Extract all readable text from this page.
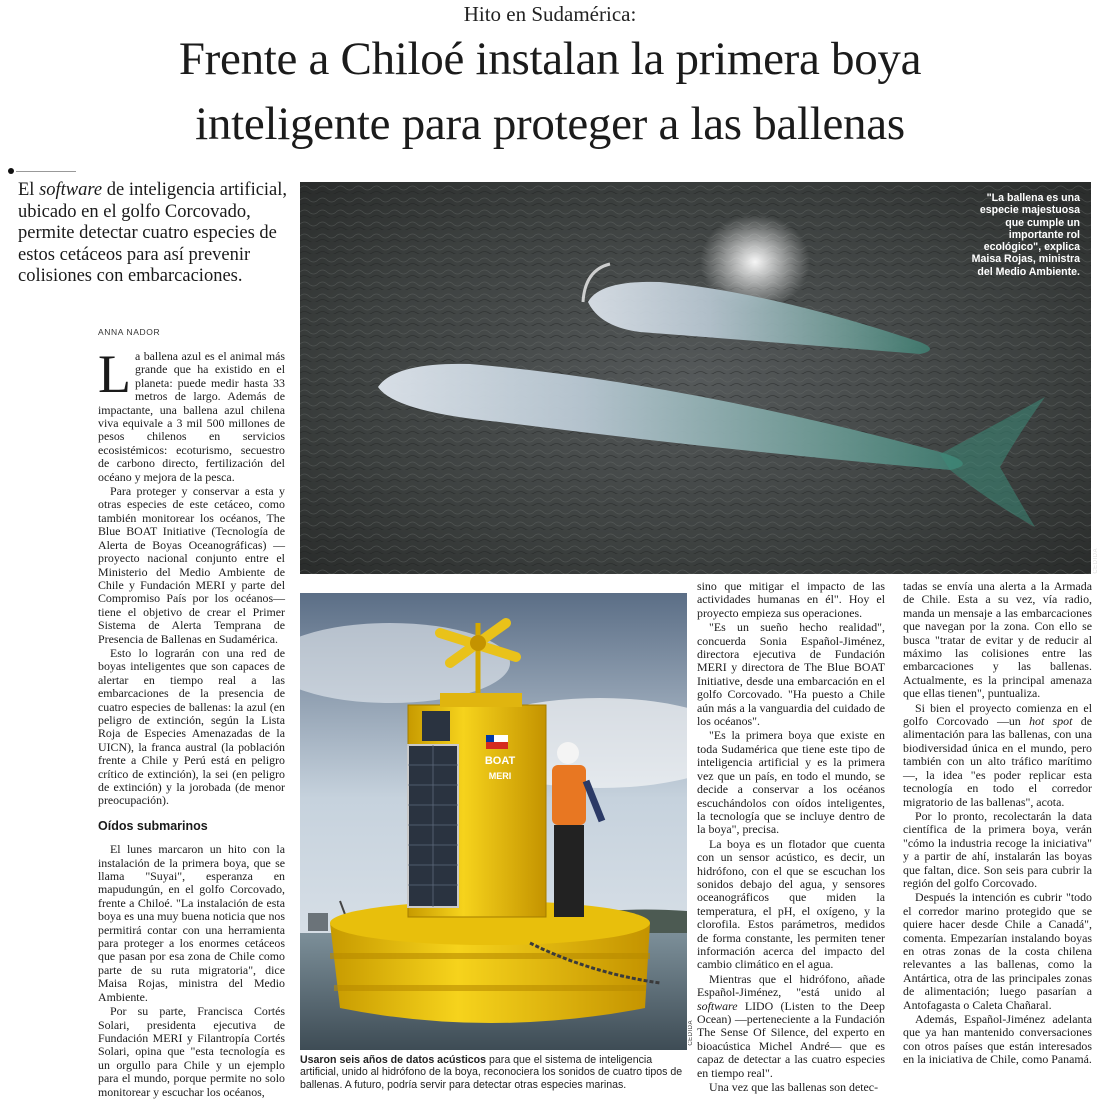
Hito en Sudamérica:
Frente a Chiloé instalan la primera boya
inteligente para proteger a las ballenas
El software de inteligencia artificial, ubicado en el golfo Corcovado, permite detectar cuatro especies de estos cetáceos para así prevenir colisiones con embarcaciones.
ANNA NADOR

La ballena azul es el animal más grande que ha existido en el planeta: puede medir hasta 33 metros de largo. Además de impactante, una ballena azul chilena viva equivale a 3 mil 500 millones de pesos chilenos en servicios ecosistémicos: ecoturismo, secuestro de carbono directo, fertilización del océano y mejora de la pesca.

Para proteger y conservar a esta y otras especies de este cetáceo, como también monitorear los océanos, The Blue BOAT Initiative (Tecnología de Alerta de Boyas Oceanográficas) —proyecto nacional conjunto entre el Ministerio del Medio Ambiente de Chile y Fundación MERI y parte del Compromiso País por los océanos— tiene el objetivo de crear el Primer Sistema de Alerta Temprana de Presencia de Ballenas en Sudamérica.

Esto lo lograrán con una red de boyas inteligentes que son capaces de alertar en tiempo real a las embarcaciones de la presencia de cuatro especies de ballenas: la azul (en peligro de extinción, según la Lista Roja de Especies Amenazadas de la UICN), la franca austral (la población frente a Chile y Perú está en peligro crítico de extinción), la sei (en peligro de extinción) y la jorobada (de menor preocupación).

Oídos submarinos

El lunes marcaron un hito con la instalación de la primera boya, que se llama "Suyai", esperanza en mapudungún, en el golfo Corcovado, frente a Chiloé. "La instalación de esta boya es una muy buena noticia que nos permitirá contar con una herramienta para proteger a los enormes cetáceos que pasan por esa zona de Chile como parte de su ruta migratoria", dice Maisa Rojas, ministra del Medio Ambiente.

Por su parte, Francisca Cortés Solari, presidenta ejecutiva de Fundación MERI y Filantropía Cortés Solari, opina que "esta tecnología es un orgullo para Chile y un ejemplo para el mundo, porque permite no solo monitorear y escuchar los océanos,

"La ballena es una especie majestuosa que cumple un importante rol ecológico", explica Maisa Rojas, ministra del Medio Ambiente.
CEDIDA
CEDIDA
BOAT
MERI
Usaron seis años de datos acústicos para que el sistema de inteligencia artificial, unido al hidrófono de la boya, reconociera los sonidos de cuatro tipos de ballenas. A futuro, podría servir para detectar otras especies marinas.

sino que mitigar el impacto de las actividades humanas en él". Hoy el proyecto empieza sus operaciones.

"Es un sueño hecho realidad", concuerda Sonia Español-Jiménez, directora ejecutiva de Fundación MERI y directora de The Blue BOAT Initiative, desde una embarcación en el golfo Corcovado. "Ha puesto a Chile aún más a la vanguardia del cuidado de los océanos".

"Es la primera boya que existe en toda Sudamérica que tiene este tipo de inteligencia artificial y es la primera vez que un país, en todo el mundo, se decide a conservar a los océanos escuchándolos con oídos inteligentes, la tecnología que se incluye dentro de la boya", precisa.

La boya es un flotador que cuenta con un sensor acústico, es decir, un hidrófono, con el que se escuchan los sonidos debajo del agua, y sensores oceanográficos que miden la temperatura, el pH, el oxígeno, y la clorofila. Estos parámetros, medidos de forma constante, les permiten tener información acerca del impacto del cambio climático en el agua.

Mientras que el hidrófono, añade Español-Jiménez, "está unido al software LIDO (Listen to the Deep Ocean) —perteneciente a la Fundación The Sense Of Silence, del experto en bioacústica Michel André— que es capaz de detectar a las cuatro especies en tiempo real".

Una vez que las ballenas son detec-

tadas se envía una alerta a la Armada de Chile. Esta a su vez, vía radio, manda un mensaje a las embarcaciones que navegan por la zona. Con ello se busca "tratar de evitar y de reducir al máximo las colisiones entre las embarcaciones y las ballenas. Actualmente, es la principal amenaza que ellas tienen", puntualiza.

Si bien el proyecto comienza en el golfo Corcovado —un hot spot de alimentación para las ballenas, con una biodiversidad única en el mundo, pero también con un alto tráfico marítimo—, la idea "es poder replicar esta tecnología en todo el corredor migratorio de las ballenas", acota.

Por lo pronto, recolectarán la data científica de la primera boya, verán "cómo la industria recoge la iniciativa" y a partir de ahí, instalarán las boyas que faltan, dice. Son seis para cubrir la región del golfo Corcovado.

Después la intención es cubrir "todo el corredor marino protegido que se quiere hacer desde Chile a Canadá", comenta. Empezarían instalando boyas en otras zonas de la costa chilena relevantes a las ballenas, como la Antártica, otra de las principales zonas de alimentación; luego pasarían a Antofagasta o Caleta Chañaral.

Además, Español-Jiménez adelanta que ya han mantenido conversaciones con otros países que están interesados en la iniciativa de Chile, como Panamá.
